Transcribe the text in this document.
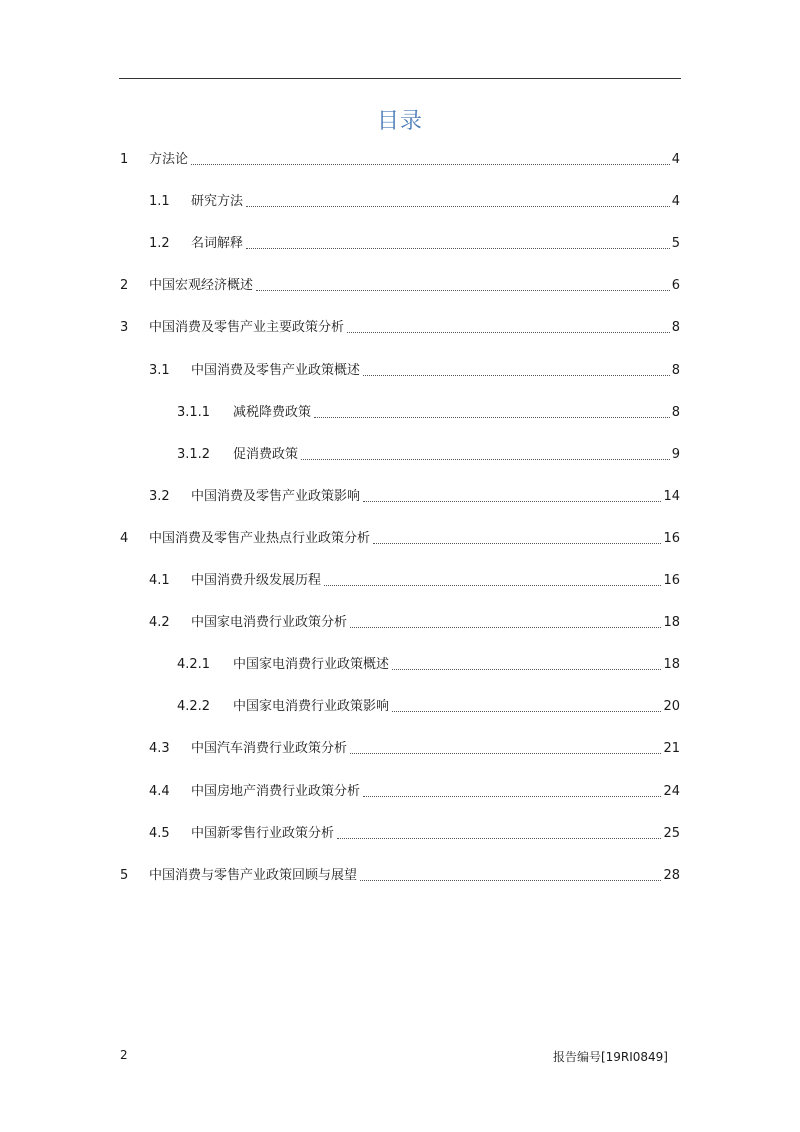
目录
1	方法论	4
1.1	研究方法	4
1.2	名词解释	5
2	中国宏观经济概述	6
3	中国消费及零售产业主要政策分析	8
3.1	中国消费及零售产业政策概述	8
3.1.1	减税降费政策	8
3.1.2	促消费政策	9
3.2	中国消费及零售产业政策影响	14
4	中国消费及零售产业热点行业政策分析	16
4.1	中国消费升级发展历程	16
4.2	中国家电消费行业政策分析	18
4.2.1	中国家电消费行业政策概述	18
4.2.2	中国家电消费行业政策影响	20
4.3	中国汽车消费行业政策分析	21
4.4	中国房地产消费行业政策分析	24
4.5	中国新零售行业政策分析	25
5	中国消费与零售产业政策回顾与展望	28
2	报告编号[19RI0849]
